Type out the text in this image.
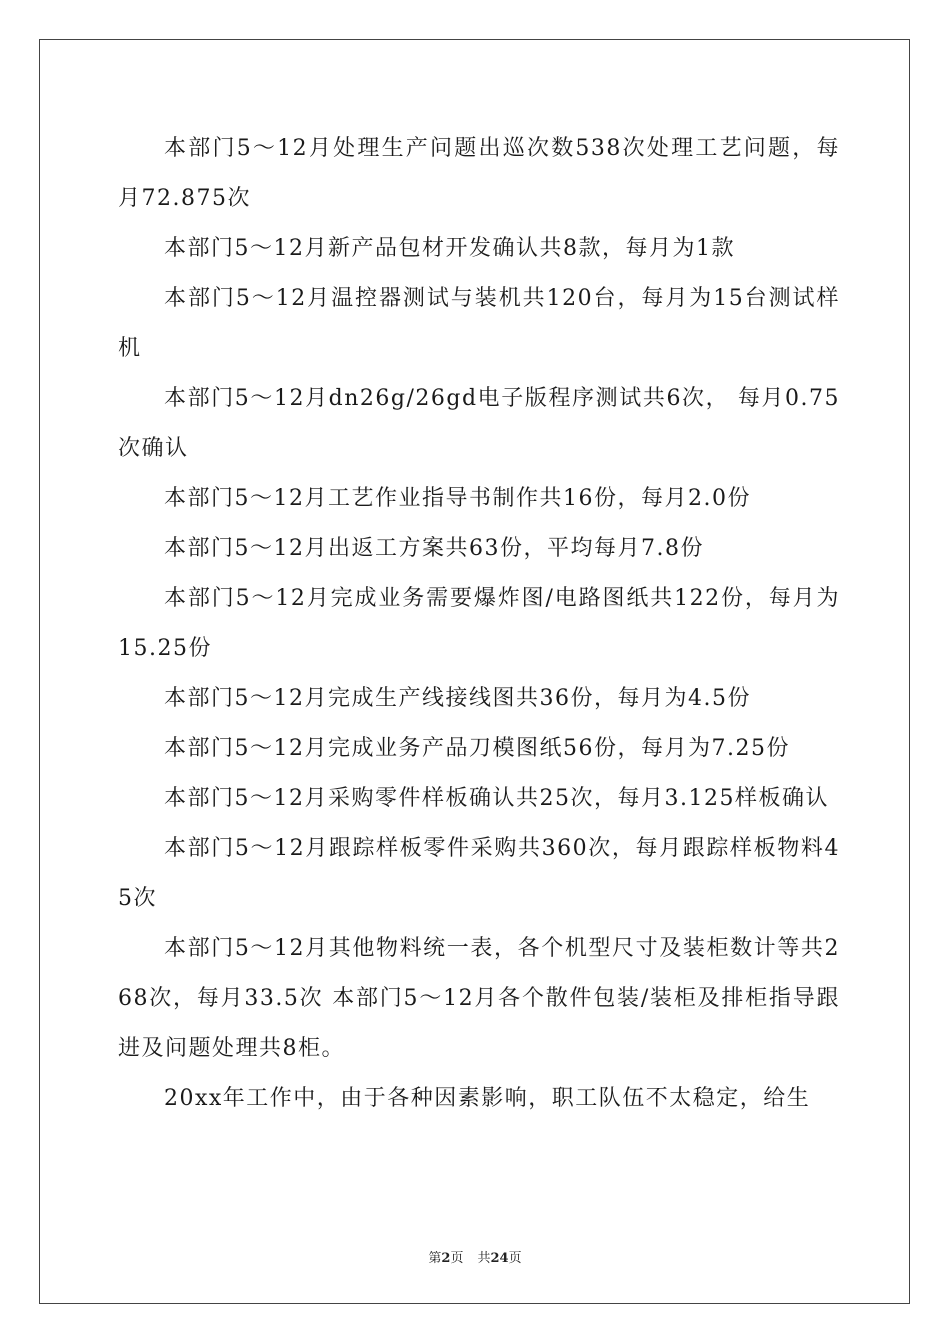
本部门5～12月处理生产问题出巡次数538次处理工艺问题，每月72.875次

本部门5～12月新产品包材开发确认共8款，每月为1款

本部门5～12月温控器测试与装机共120台，每月为15台测试样机

本部门5～12月dn26g/26gd电子版程序测试共6次， 每月0.75次确认

本部门5～12月工艺作业指导书制作共16份，每月2.0份

本部门5～12月出返工方案共63份，平均每月7.8份

本部门5～12月完成业务需要爆炸图/电路图纸共122份，每月为15.25份

本部门5～12月完成生产线接线图共36份，每月为4.5份

本部门5～12月完成业务产品刀模图纸56份，每月为7.25份

本部门5～12月采购零件样板确认共25次，每月3.125样板确认

本部门5～12月跟踪样板零件采购共360次，每月跟踪样板物料45次

本部门5～12月其他物料统一表，各个机型尺寸及装柜数计等共268次，每月33.5次 本部门5～12月各个散件包装/装柜及排柜指导跟进及问题处理共8柜。

20xx年工作中，由于各种因素影响，职工队伍不太稳定，给生

第2页 共24页
